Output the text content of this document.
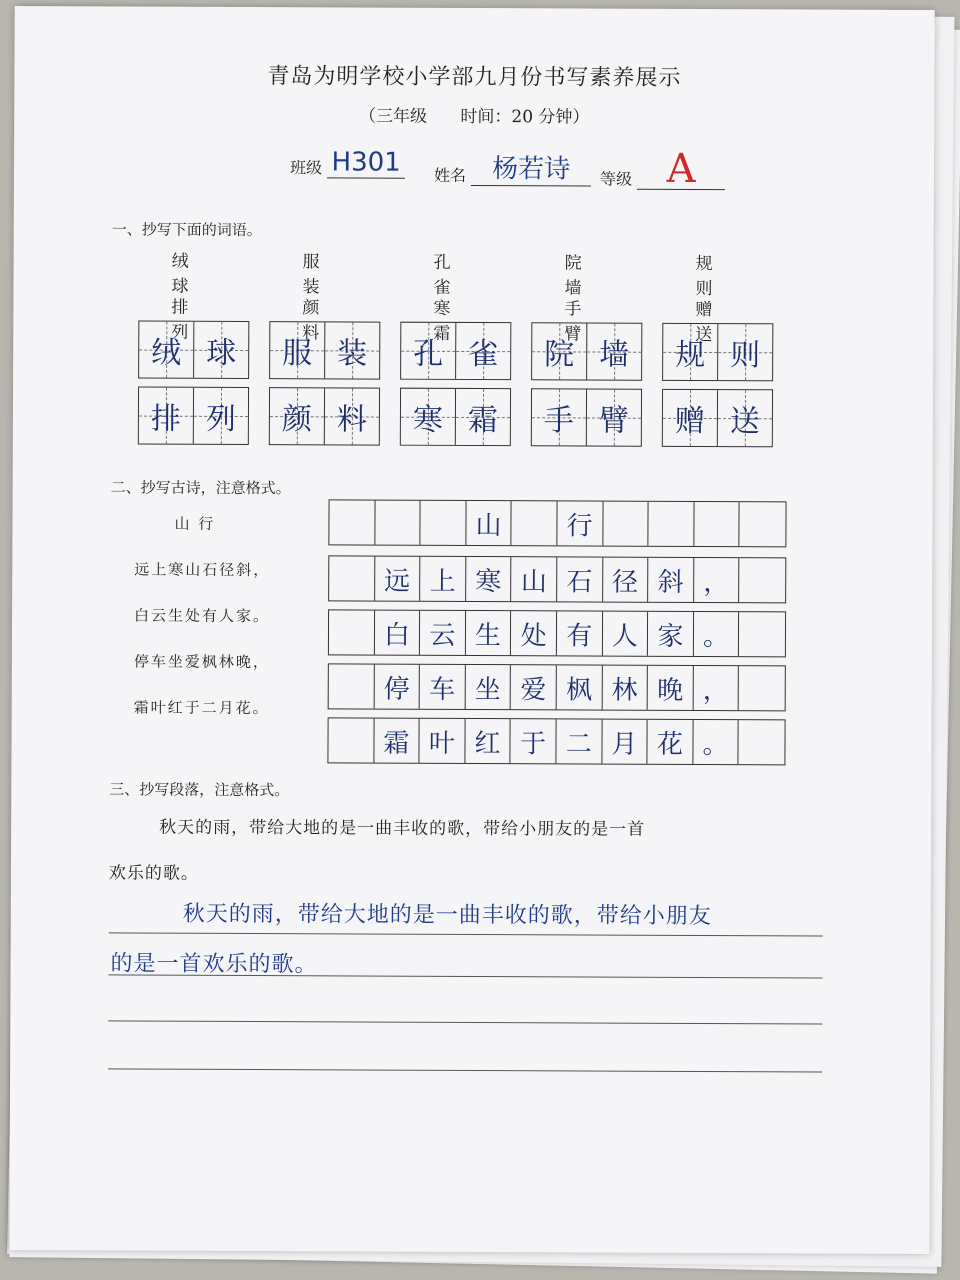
青岛为明学校小学部九月份书写素养展示
（三年级 时间：20 分钟）
班级 H301 姓名 杨若诗	等级 A
一、抄写下面的词语。
绒球
服装
孔雀
院墙
规则
排列
颜料
寒霜
手臂
赠送
绒 球 服 装 孔 雀 院 墙 规 则
排 列 颜 料 寒 霜 手 臂 赠 送
二、抄写古诗，注意格式。
山 行
远上寒山石径斜，
白云生处有人家。
停车坐爱枫林晚，
霜叶红于二月花。
山	行
远 上 寒 山 石 径 斜 ，
白 云 生 处 有 人 家 。
停 车 坐 爱 枫 林 晚 ，
霜 叶 红 于 二 月 花 。
三、抄写段落，注意格式。
秋天的雨，带给大地的是一曲丰收的歌，带给小朋友的是一首
欢乐的歌。
秋天的雨，带给大地的是一曲丰收的歌，带给小朋友
的是一首欢乐的歌。
